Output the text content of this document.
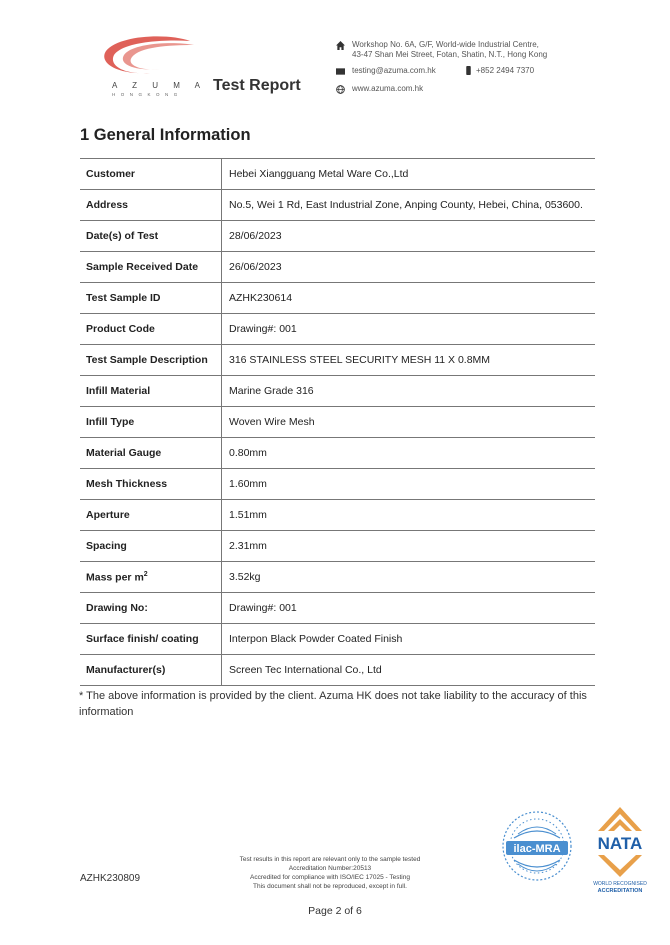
A Z U M A
HONGKONG
Test Report
Workshop No. 6A, G/F, World-wide Industrial Centre,
43-47 Shan Mei Street, Fotan, Shatin, N.T., Hong Kong
testing@azuma.com.hk	+852 2494 7370
www.azuma.com.hk
1 General Information
Customer	Hebei Xiangguang Metal Ware Co.,Ltd
Address	No.5, Wei 1 Rd, East Industrial Zone, Anping County, Hebei, China, 053600.
Date(s) of Test	28/06/2023
Sample Received Date	26/06/2023
Test Sample ID	AZHK230614
Product Code	Drawing#: 001
Test Sample Description	316 STAINLESS STEEL SECURITY MESH 11 X 0.8MM
Infill Material	Marine Grade 316
Infill Type	Woven Wire Mesh
Material Gauge	0.80mm
Mesh Thickness	1.60mm
Aperture	1.51mm
Spacing	2.31mm
Mass per $m^2$	3.52kg
Drawing No:	Drawing#: 001
Surface finish/ coating	Interpon Black Powder Coated Finish
Manufacturer(s)	Screen Tec International Co., Ltd
* The above information is provided by the client. Azuma HK does not take liability to the accuracy of this information
AZHK230809
Test results in this report are relevant only to the sample tested
Accreditation Number:20513
Accredited for compliance with ISO/IEC 17025 - Testing
This document shall not be reproduced, except in full.
Page 2 of 6
ilac-MRA NATA
WORLD RECOGNISED
ACCREDITATION
